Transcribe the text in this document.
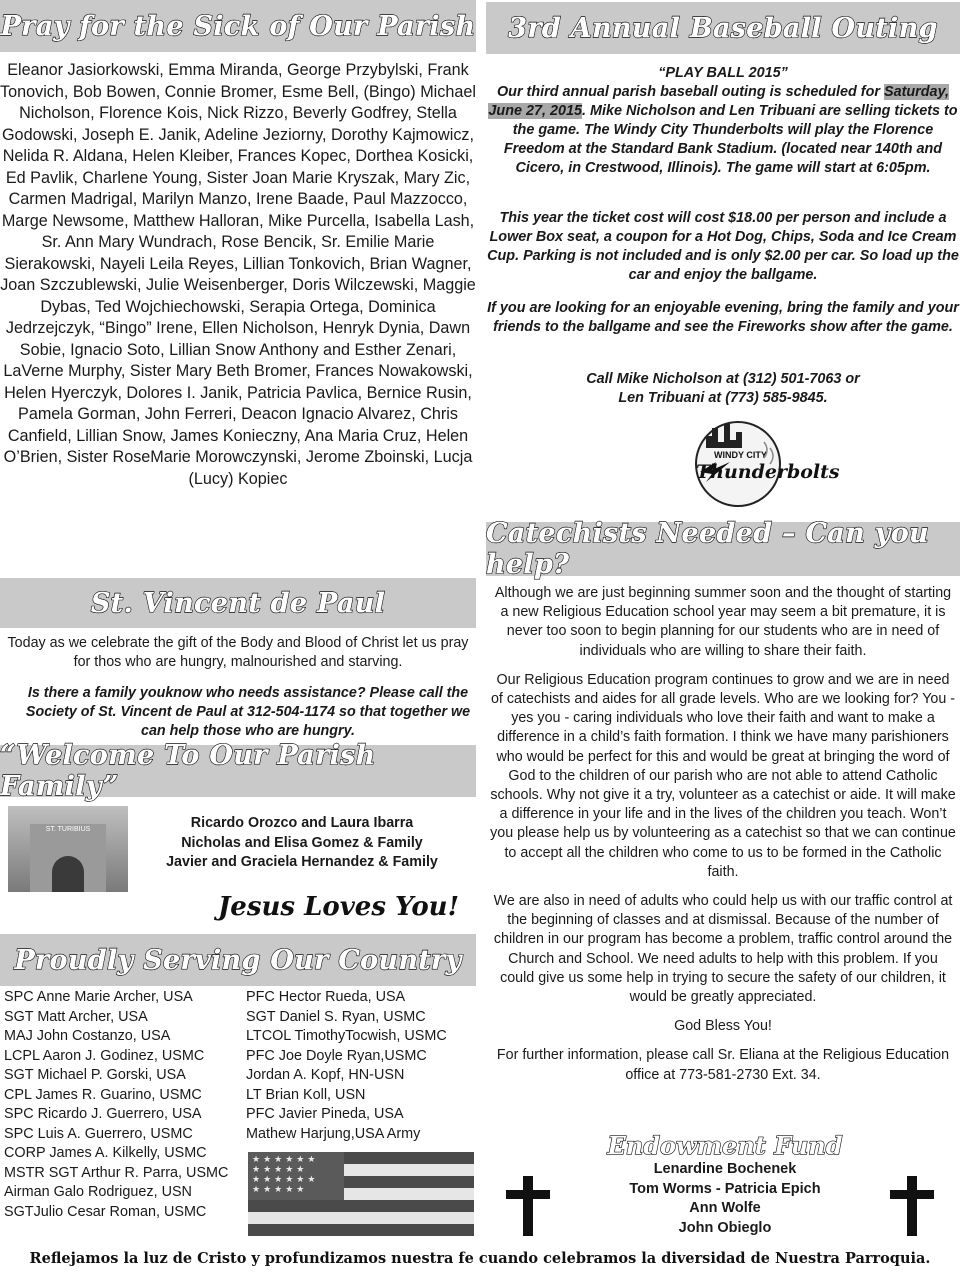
Pray for the Sick of Our Parish
Eleanor Jasiorkowski, Emma Miranda, George Przybylski, Frank Tonovich, Bob Bowen, Connie Bromer, Esme Bell, (Bingo) Michael Nicholson, Florence Kois, Nick Rizzo, Beverly Godfrey, Stella Godowski, Joseph E. Janik, Adeline Jeziorny, Dorothy Kajmowicz, Nelida R. Aldana, Helen Kleiber, Frances Kopec, Dorthea Kosicki, Ed Pavlik, Charlene Young, Sister Joan Marie Kryszak, Mary Zic, Carmen Madrigal, Marilyn Manzo, Irene Baade, Paul Mazzocco, Marge Newsome, Matthew Halloran, Mike Purcella, Isabella Lash, Sr. Ann Mary Wundrach, Rose Bencik, Sr. Emilie Marie Sierakowski, Nayeli Leila Reyes, Lillian Tonkovich, Brian Wagner, Joan Szczublewski, Julie Weisenberger, Doris Wilczewski, Maggie Dybas, Ted Wojchiechowski, Serapia Ortega, Dominica Jedrzejczyk, “Bingo” Irene, Ellen Nicholson, Henryk Dynia, Dawn Sobie, Ignacio Soto, Lillian Snow Anthony and Esther Zenari, LaVerne Murphy, Sister Mary Beth Bromer, Frances Nowakowski, Helen Hyerczyk, Dolores I. Janik, Patricia Pavlica, Bernice Rusin, Pamela Gorman, John Ferreri, Deacon Ignacio Alvarez, Chris Canfield, Lillian Snow, James Konieczny, Ana Maria Cruz, Helen O’Brien, Sister RoseMarie Morowczynski, Jerome Zboinski, Lucja (Lucy) Kopiec
St. Vincent de Paul
Today as we celebrate the gift of the Body and Blood of Christ let us pray for thos who are hungry, malnourished and starving.
Is there a family youknow who needs assistance? Please call the Society of St. Vincent de Paul at 312-504-1174 so that together we can help those who are hungry.
“Welcome To Our Parish Family”
ST. TURIBIUS	Ricardo Orozco and Laura Ibarra
Nicholas and Elisa Gomez & Family
Javier and Graciela Hernandez & Family
Jesus Loves You!
Proudly Serving Our Country
SPC Anne Marie Archer, USA
SGT Matt Archer, USA
MAJ John Costanzo, USA
LCPL Aaron J. Godinez, USMC
SGT Michael P. Gorski, USA
CPL James R. Guarino, USMC
SPC Ricardo J. Guerrero, USA
SPC Luis A. Guerrero, USMC
CORP James A. Kilkelly, USMC
MSTR SGT Arthur R. Parra, USMC
Airman Galo Rodriguez, USN
SGTJulio Cesar Roman, USMC
PFC Hector Rueda, USA
SGT Daniel S. Ryan, USMC
LTCOL TimothyTocwish, USMC
PFC Joe Doyle Ryan,USMC
Jordan A. Kopf, HN-USN
LT Brian Koll, USN
PFC Javier Pineda, USA
Mathew Harjung,USA Army
★★★★★★
★★★★★
★★★★★★
★★★★★
3rd Annual Baseball Outing
“PLAY BALL 2015”
Our third annual parish baseball outing is scheduled for Saturday, June 27, 2015. Mike Nicholson and Len Tribuani are selling tickets to the game. The Windy City Thunderbolts will play the Florence Freedom at the Standard Bank Stadium. (located near 140th and Cicero, in Crestwood, Illinois). The game will start at 6:05pm.
This year the ticket cost will cost $18.00 per person and include a Lower Box seat, a coupon for a Hot Dog, Chips, Soda and Ice Cream Cup. Parking is not included and is only $2.00 per car. So load up the car and enjoy the ballgame.
If you are looking for an enjoyable evening, bring the family and your friends to the ballgame and see the Fireworks show after the game.
Call Mike Nicholson at (312) 501-7063 or
Len Tribuani at (773) 585-9845.
WINDY CITY
Thunderbolts
Catechists Needed – Can you help?

Although we are just beginning summer soon and the thought of starting a new Religious Education school year may seem a bit premature, it is never too soon to begin planning for our students who are in need of individuals who are willing to share their faith.

Our Religious Education program continues to grow and we are in need of catechists and aides for all grade levels. Who are we looking for? You - yes you - caring individuals who love their faith and want to make a difference in a child’s faith formation. I think we have many parishioners who would be perfect for this and would be great at bringing the word of God to the children of our parish who are not able to attend Catholic schools. Why not give it a try, volunteer as a catechist or aide. It will make a difference in your life and in the lives of the children you teach. Won’t you please help us by volunteering as a catechist so that we can continue to accept all the children who come to us to be formed in the Catholic faith.

We are also in need of adults who could help us with our traffic control at the beginning of classes and at dismissal. Because of the number of children in our program has become a problem, traffic control around the Church and School. We need adults to help with this problem. If you could give us some help in trying to secure the safety of our children, it would be greatly appreciated.

God Bless You!

For further information, please call Sr. Eliana at the Religious Education office at 773-581-2730 Ext. 34.

Endowment Fund
Lenardine Bochenek
Tom Worms - Patricia Epich
Ann Wolfe
John Obieglo
Reflejamos la luz de Cristo y profundizamos nuestra fe cuando celebramos la diversidad de Nuestra Parroquia.
